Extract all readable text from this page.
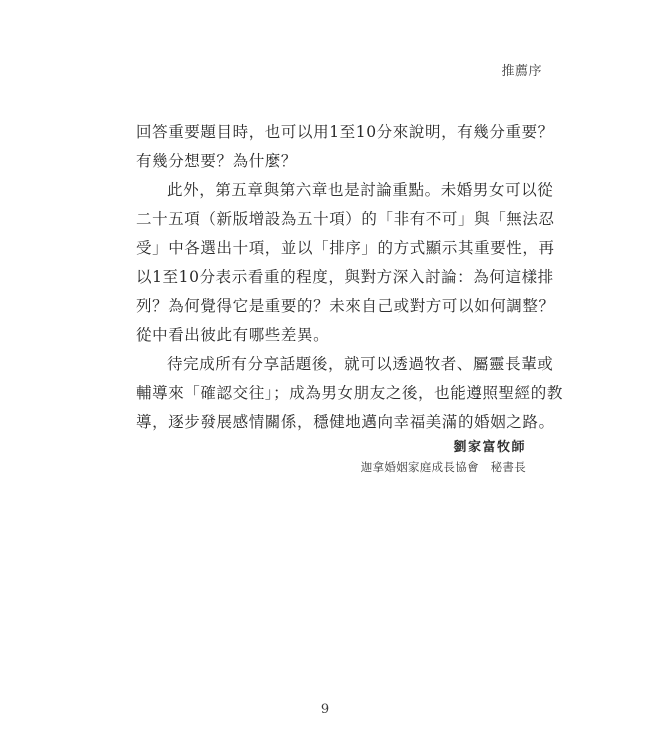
推薦序

回答重要題目時，也可以用1至10分來說明，有幾分重要？
有幾分想要？為什麼？

此外，第五章與第六章也是討論重點。未婚男女可以從
二十五項（新版增設為五十項）的「非有不可」與「無法忍
受」中各選出十項，並以「排序」的方式顯示其重要性，再
以1至10分表示看重的程度，與對方深入討論：為何這樣排
列？為何覺得它是重要的？未來自己或對方可以如何調整？
從中看出彼此有哪些差異。

待完成所有分享話題後，就可以透過牧者、屬靈長輩或
輔導來「確認交往」；成為男女朋友之後，也能遵照聖經的教
導，逐步發展感情關係，穩健地邁向幸福美滿的婚姻之路。

劉家富牧師
迦拿婚姻家庭成長協會　秘書長
9
